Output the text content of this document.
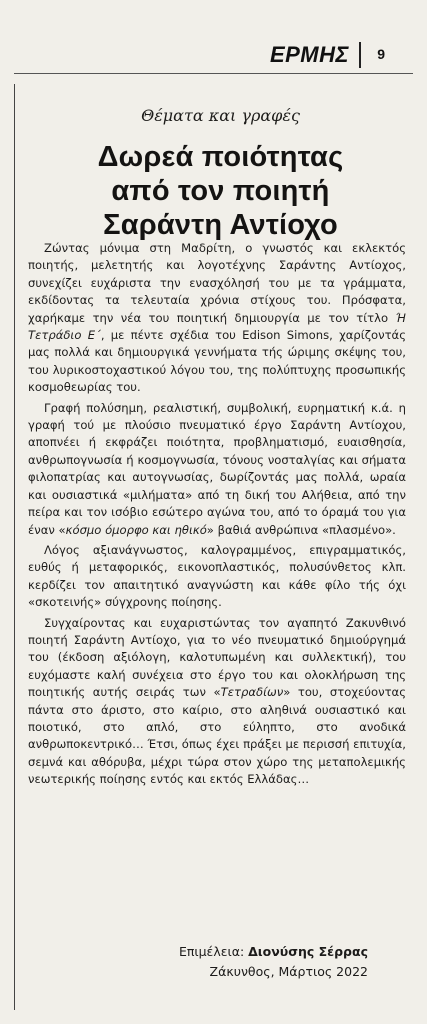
ΕΡΜΗΣ 9
Θέματα και γραφές
Δωρεά ποιότητας
από τον ποιητή
Σαράντη Αντίοχο

Ζώντας μόνιμα στη Μαδρίτη, ο γνωστός και εκλεκτός ποιητής, μελετητής και λογοτέχνης Σαράντης Αντίοχος, συνεχίζει ευχάριστα την ενασχόλησή του με τα γράμματα, εκδίδοντας τα τελευταία χρόνια στίχους του. Πρόσφατα, χαρήκαμε την νέα του ποιητική δημιουργία με τον τίτλο Ή Τετράδιο Ε΄, με πέντε σχέδια του Edison Simons, χαρίζοντάς μας πολλά και δημιουργικά γεννήματα τής ώριμης σκέψης του, του λυρικοστοχαστικού λόγου του, της πολύπτυχης προσωπικής κοσμοθεωρίας του.

Γραφή πολύσημη, ρεαλιστική, συμβολική, ευρηματική κ.ά. η γραφή τού με πλούσιο πνευματικό έργο Σαράντη Αντίοχου, αποπνέει ή εκφράζει ποιότητα, προβληματισμό, ευαισθησία, ανθρωπογνωσία ή κοσμογνωσία, τόνους νοσταλγίας και σήματα φιλοπατρίας και αυτογνωσίας, δωρίζοντάς μας πολλά, ωραία και ουσιαστικά «μιλήματα» από τη δική του Αλήθεια, από την πείρα και τον ισόβιο εσώτερο αγώνα του, από το όραμά του για έναν «κόσμο όμορφο και ηθικό» βαθιά ανθρώπινα «πλασμένο».

Λόγος αξιανάγνωστος, καλογραμμένος, επιγραμματικός, ευθύς ή μεταφορικός, εικονοπλαστικός, πολυσύνθετος κλπ. κερδίζει τον απαιτητικό αναγνώστη και κάθε φίλο τής όχι «σκοτεινής» σύγχρονης ποίησης.

Συγχαίροντας και ευχαριστώντας τον αγαπητό Ζακυνθινό ποιητή Σαράντη Αντίοχο, για το νέο πνευματικό δημιούργημά του (έκδοση αξιόλογη, καλοτυπωμένη και συλλεκτική), του ευχόμαστε καλή συνέχεια στο έργο του και ολοκλήρωση της ποιητικής αυτής σειράς των «Τετραδίων» του, στοχεύοντας πάντα στο άριστο, στο καίριο, στο αληθινά ουσιαστικό και ποιοτικό, στο απλό, στο εύληπτο, στο ανοδικά ανθρωποκεντρικό… Έτσι, όπως έχει πράξει με περισσή επιτυχία, σεμνά και αθόρυβα, μέχρι τώρα στον χώρο της μεταπολεμικής νεωτερικής ποίησης εντός και εκτός Ελλάδας…

Επιμέλεια: Διονύσης Σέρρας
Ζάκυνθος, Μάρτιος 2022
